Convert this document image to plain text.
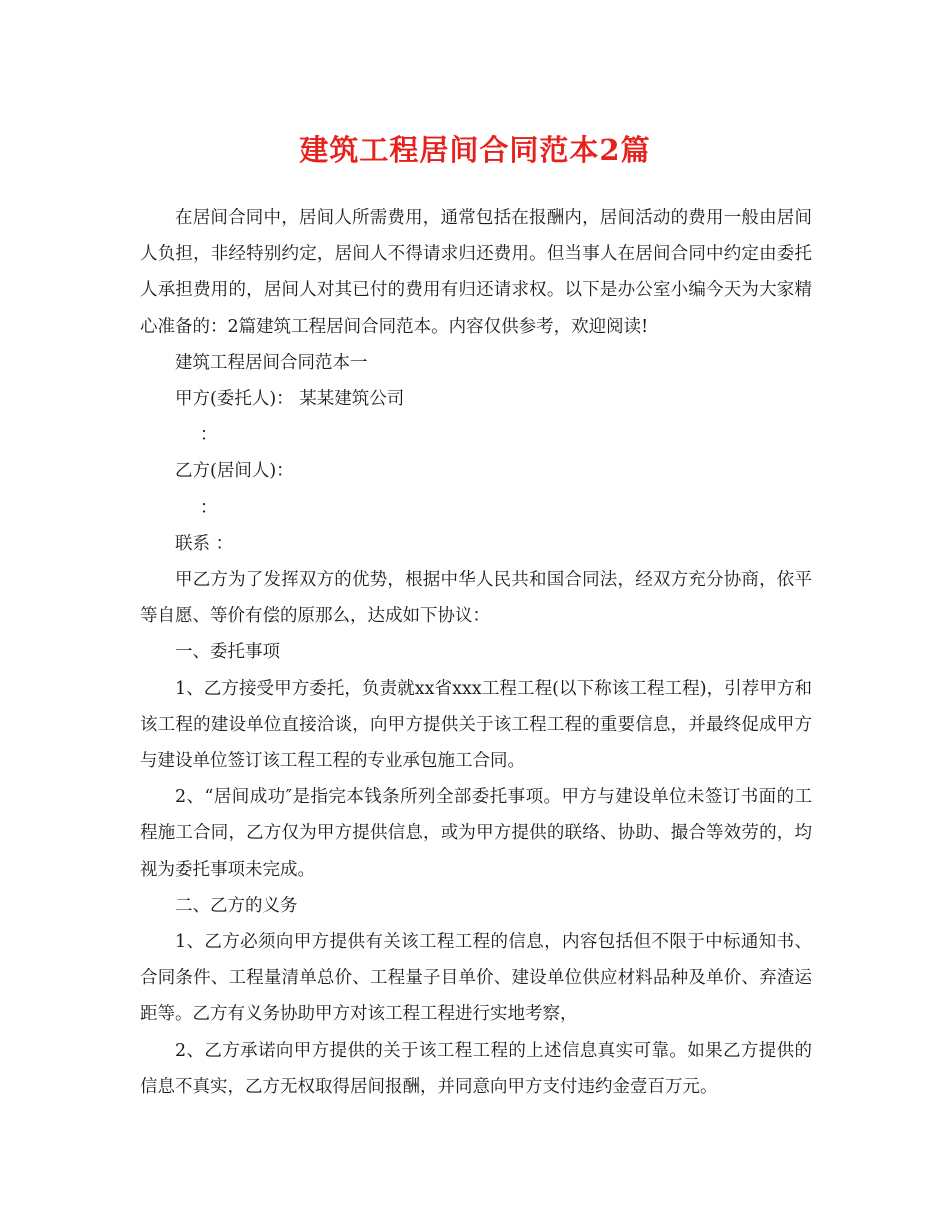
建筑工程居间合同范本2篇

在居间合同中，居间人所需费用，通常包括在报酬内，居间活动的费用一般由居间人负担，非经特别约定，居间人不得请求归还费用。但当事人在居间合同中约定由委托人承担费用的，居间人对其已付的费用有归还请求权。以下是办公室小编今天为大家精心准备的：2篇建筑工程居间合同范本。内容仅供参考，欢迎阅读!

建筑工程居间合同范本一

甲方(委托人)： 某某建筑公司

：

乙方(居间人)：

：

联系 ：

甲乙方为了发挥双方的优势，根据中华人民共和国合同法，经双方充分协商，依平等自愿、等价有偿的原那么，达成如下协议：

一、委托事项

1、乙方接受甲方委托，负责就xx省xxx工程工程(以下称该工程工程)，引荐甲方和该工程的建设单位直接洽谈，向甲方提供关于该工程工程的重要信息，并最终促成甲方与建设单位签订该工程工程的专业承包施工合同。

2、“居间成功″是指完本钱条所列全部委托事项。甲方与建设单位未签订书面的工程施工合同，乙方仅为甲方提供信息，或为甲方提供的联络、协助、撮合等效劳的，均视为委托事项未完成。

二、乙方的义务

1、乙方必须向甲方提供有关该工程工程的信息，内容包括但不限于中标通知书、合同条件、工程量清单总价、工程量子目单价、建设单位供应材料品种及单价、弃渣运距等。乙方有义务协助甲方对该工程工程进行实地考察，

2、乙方承诺向甲方提供的关于该工程工程的上述信息真实可靠。如果乙方提供的信息不真实，乙方无权取得居间报酬，并同意向甲方支付违约金壹百万元。
